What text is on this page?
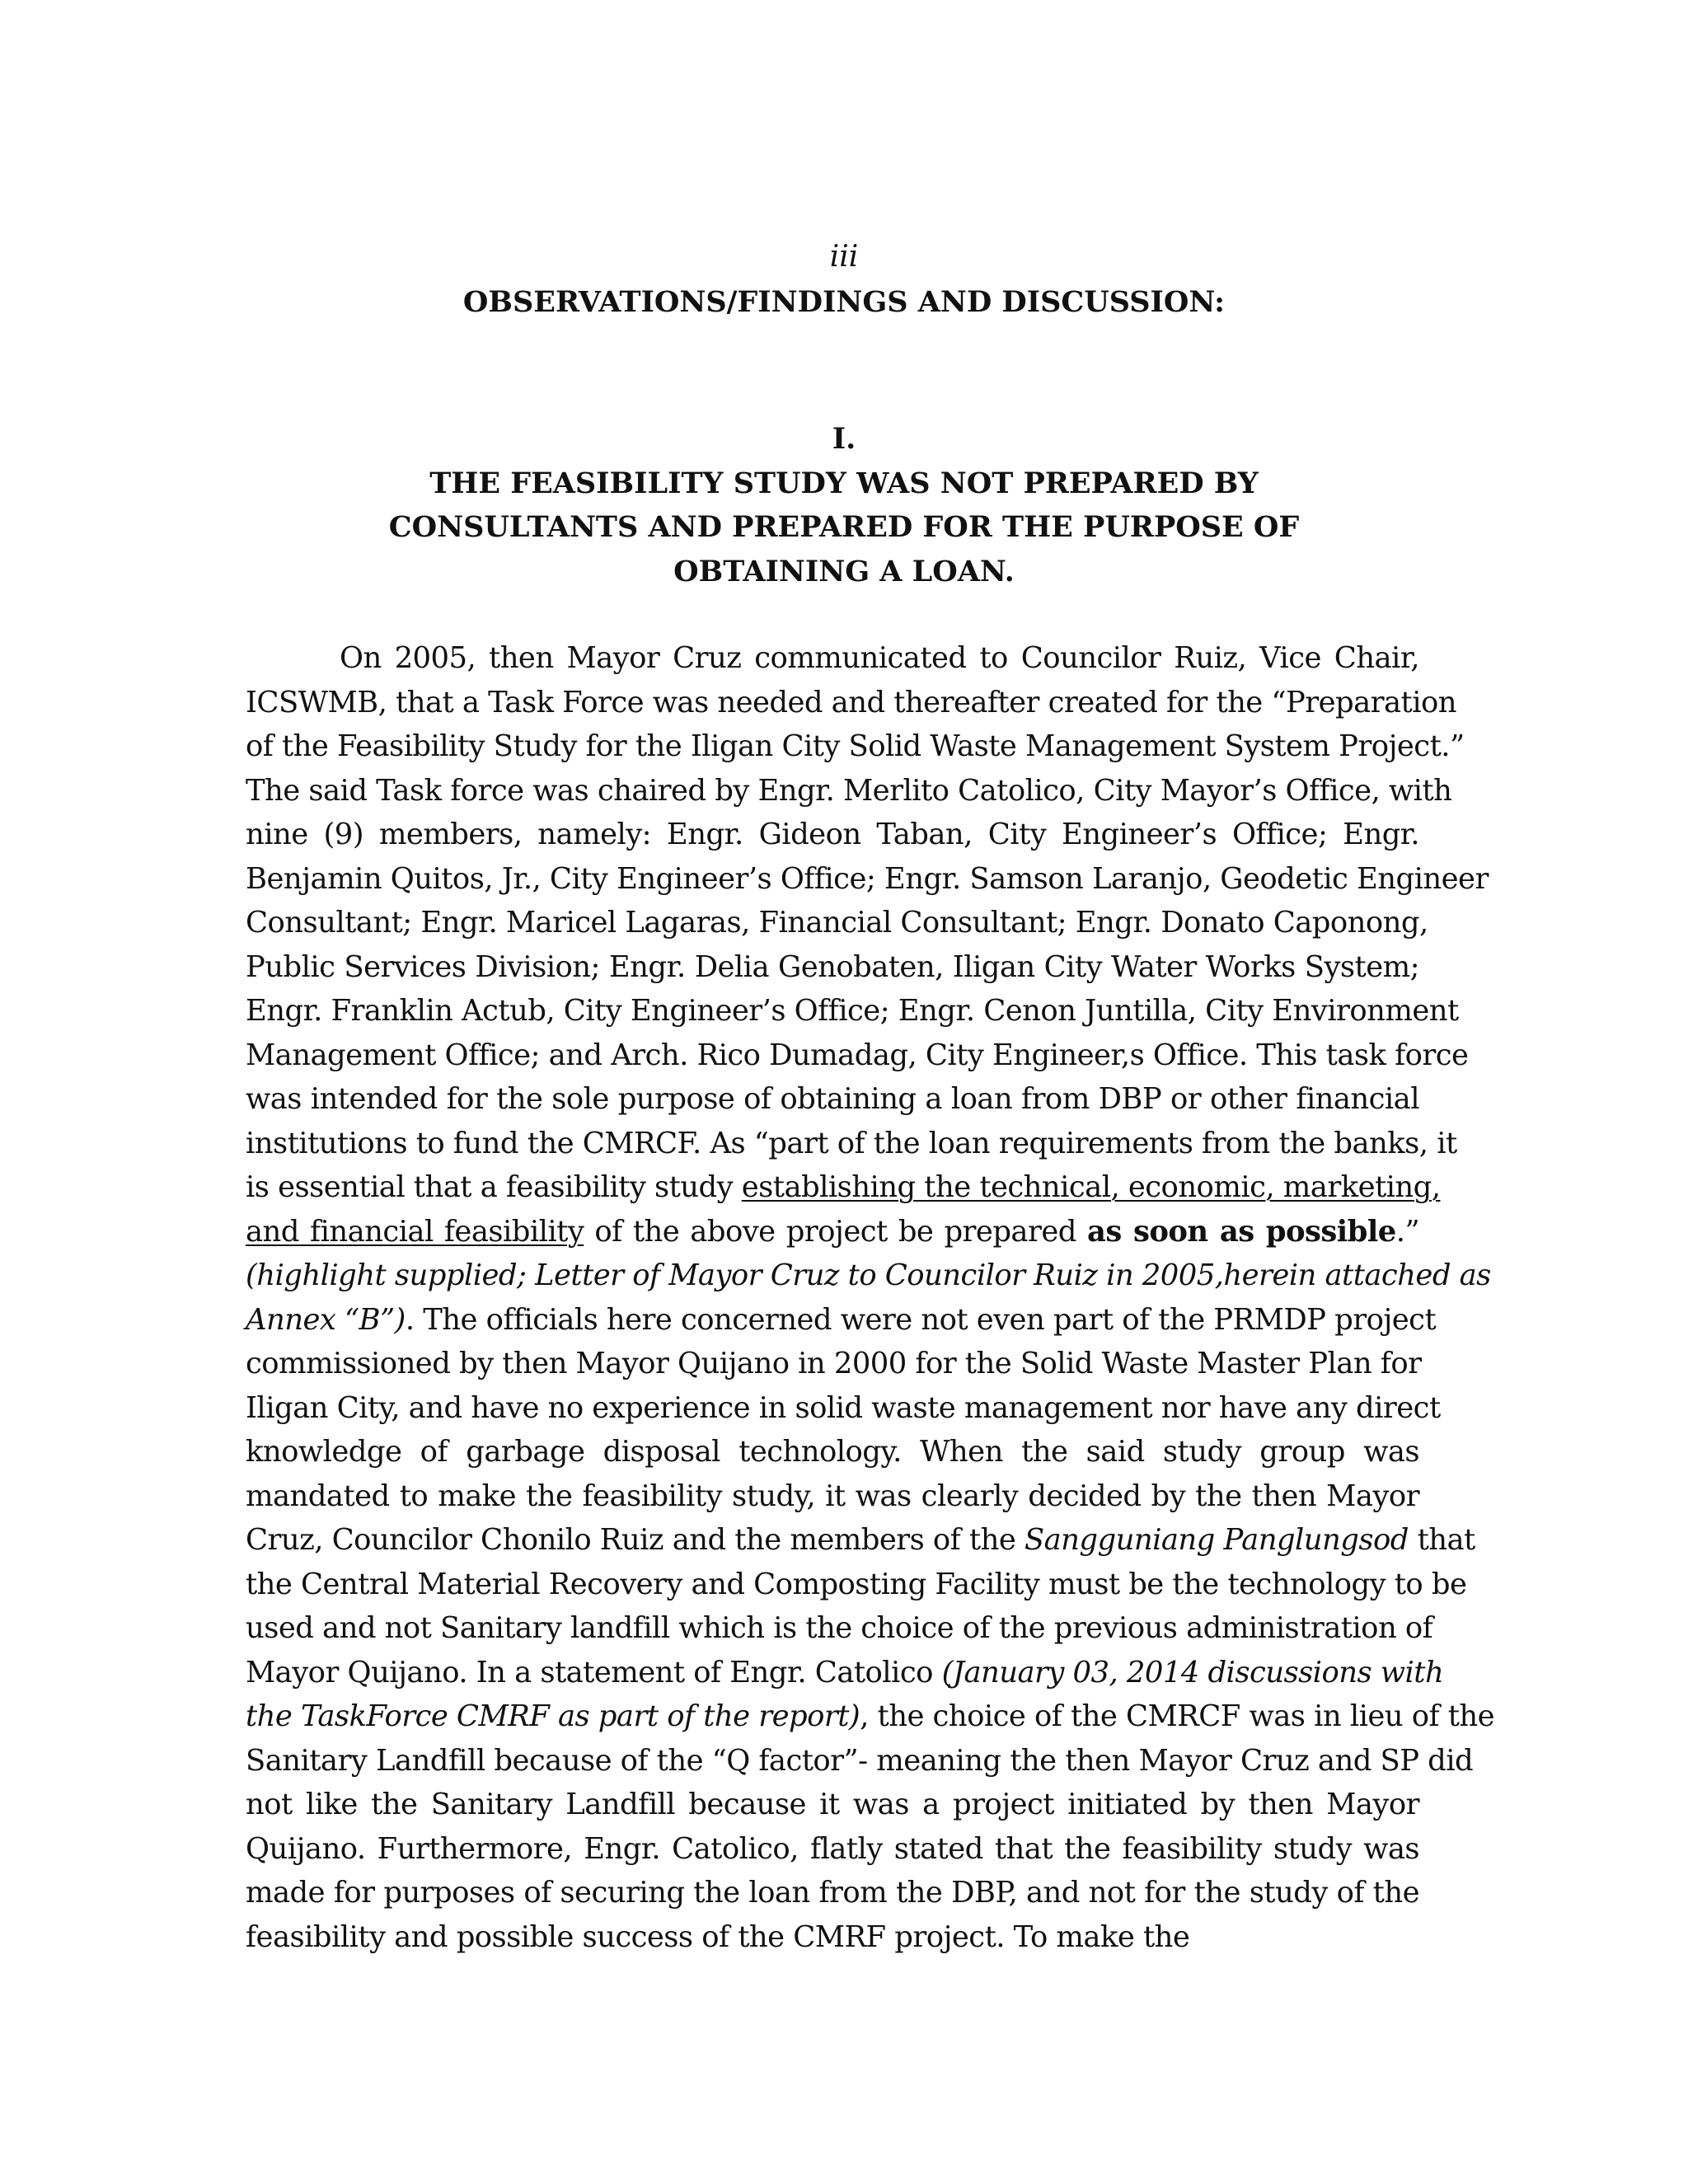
iii
OBSERVATIONS/FINDINGS AND DISCUSSION:
I.
THE FEASIBILITY STUDY WAS NOT PREPARED BY
CONSULTANTS AND PREPARED FOR THE PURPOSE OF
OBTAINING A LOAN.
On 2005, then Mayor Cruz communicated to Councilor Ruiz, Vice Chair,
ICSWMB, that a Task Force was needed and thereafter created for the “Preparation
of the Feasibility Study for the Iligan City Solid Waste Management System Project.”
The said Task force was chaired by Engr. Merlito Catolico, City Mayor’s Office, with
nine (9) members, namely: Engr. Gideon Taban, City Engineer’s Office; Engr.
Benjamin Quitos, Jr., City Engineer’s Office; Engr. Samson Laranjo, Geodetic Engineer
Consultant; Engr. Maricel Lagaras, Financial Consultant; Engr. Donato Caponong,
Public Services Division; Engr. Delia Genobaten, Iligan City Water Works System;
Engr. Franklin Actub, City Engineer’s Office; Engr. Cenon Juntilla, City Environment
Management Office; and Arch. Rico Dumadag, City Engineer,s Office. This task force
was intended for the sole purpose of obtaining a loan from DBP or other financial
institutions to fund the CMRCF. As “part of the loan requirements from the banks, it
is essential that a feasibility study establishing the technical, economic, marketing,
and financial feasibility of the above project be prepared as soon as possible.”
(highlight supplied; Letter of Mayor Cruz to Councilor Ruiz in 2005,herein attached as
Annex “B”). The officials here concerned were not even part of the PRMDP project
commissioned by then Mayor Quijano in 2000 for the Solid Waste Master Plan for
Iligan City, and have no experience in solid waste management nor have any direct
knowledge of garbage disposal technology. When the said study group was
mandated to make the feasibility study, it was clearly decided by the then Mayor
Cruz, Councilor Chonilo Ruiz and the members of the Sangguniang Panglungsod that
the Central Material Recovery and Composting Facility must be the technology to be
used and not Sanitary landfill which is the choice of the previous administration of
Mayor Quijano. In a statement of Engr. Catolico (January 03, 2014 discussions with
the TaskForce CMRF as part of the report), the choice of the CMRCF was in lieu of the
Sanitary Landfill because of the “Q factor”- meaning the then Mayor Cruz and SP did
not like the Sanitary Landfill because it was a project initiated by then Mayor
Quijano. Furthermore, Engr. Catolico, flatly stated that the feasibility study was
made for purposes of securing the loan from the DBP, and not for the study of the
feasibility and possible success of the CMRF project. To make the
